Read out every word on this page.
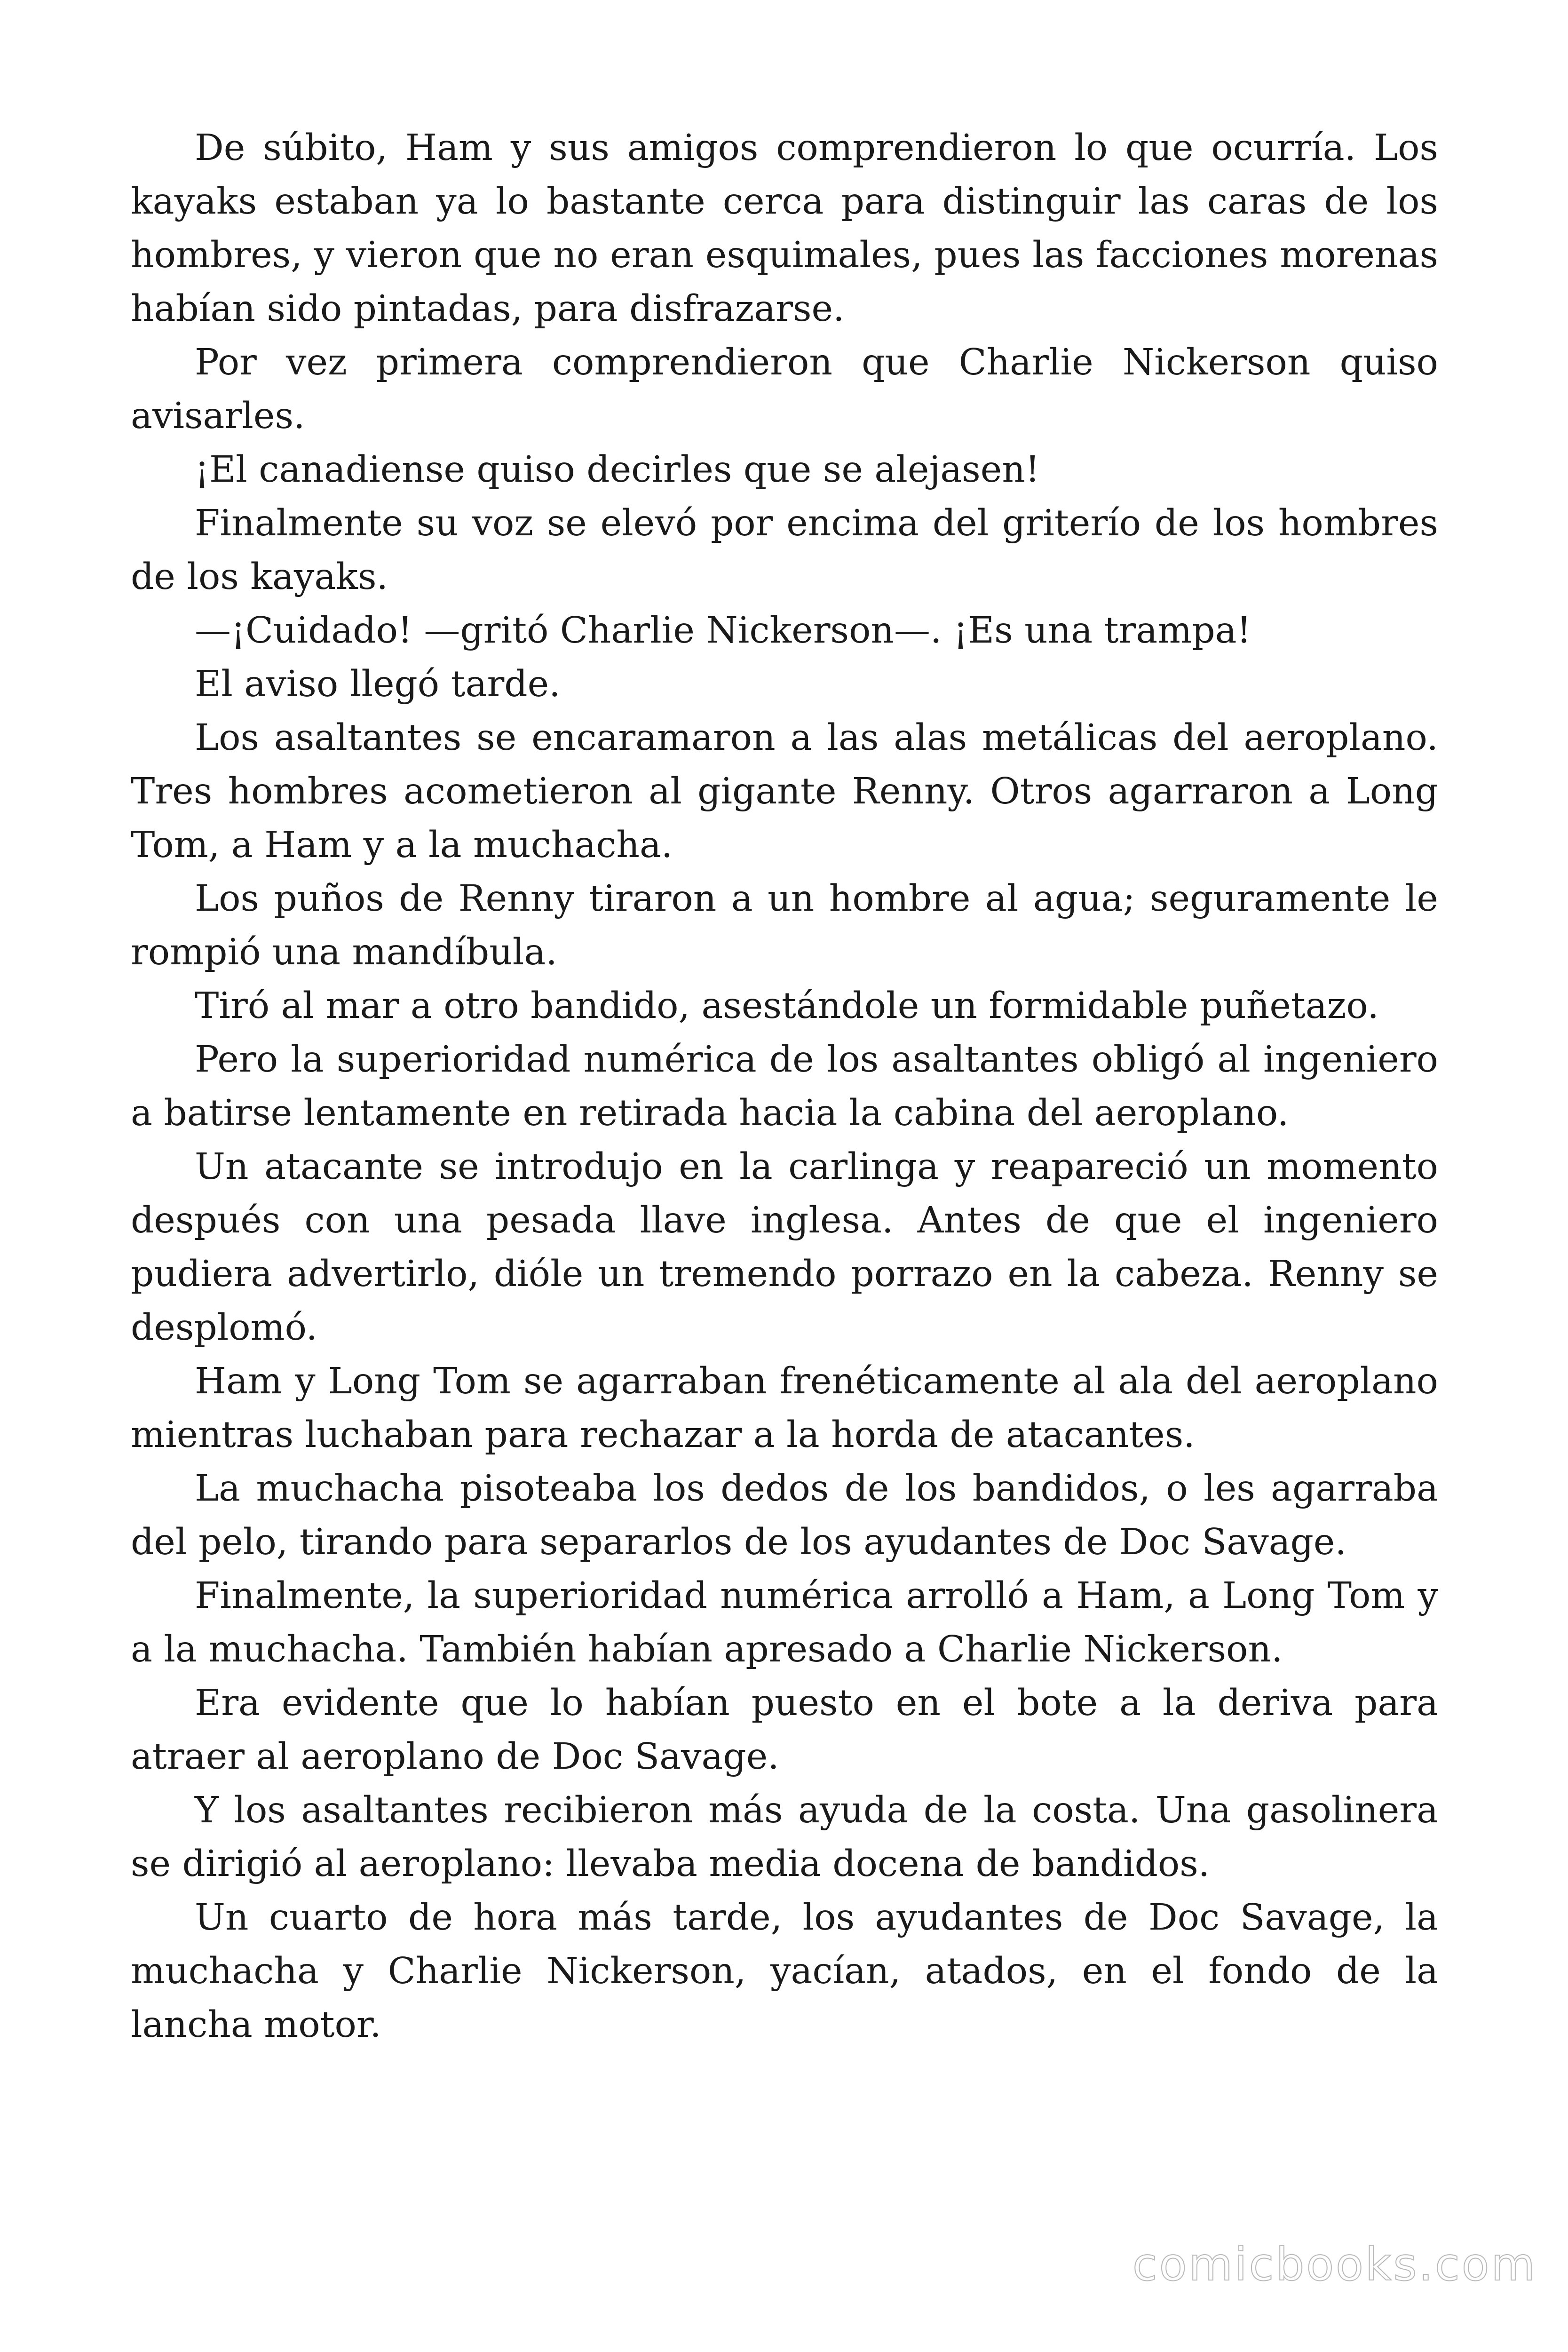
De súbito, Ham y sus amigos comprendieron lo que ocurría. Los kayaks estaban ya lo bastante cerca para distinguir las caras de los hombres, y vieron que no eran esquimales, pues las facciones morenas habían sido pintadas, para disfrazarse.

Por vez primera comprendieron que Charlie Nickerson quiso avisarles.

¡El canadiense quiso decirles que se alejasen!

Finalmente su voz se elevó por encima del griterío de los hombres de los kayaks.

—¡Cuidado! —gritó Charlie Nickerson—. ¡Es una trampa!

El aviso llegó tarde.

Los asaltantes se encaramaron a las alas metálicas del aeroplano. Tres hombres acometieron al gigante Renny. Otros agarraron a Long Tom, a Ham y a la muchacha.

Los puños de Renny tiraron a un hombre al agua; seguramente le rompió una mandíbula.

Tiró al mar a otro bandido, asestándole un formidable puñetazo.

Pero la superioridad numérica de los asaltantes obligó al ingeniero a batirse lentamente en retirada hacia la cabina del aeroplano.

Un atacante se introdujo en la carlinga y reapareció un momento después con una pesada llave inglesa. Antes de que el ingeniero pudiera advertirlo, dióle un tremendo porrazo en la cabeza. Renny se desplomó.

Ham y Long Tom se agarraban frenéticamente al ala del aeroplano mientras luchaban para rechazar a la horda de atacantes.

La muchacha pisoteaba los dedos de los bandidos, o les agarraba del pelo, tirando para separarlos de los ayudantes de Doc Savage.

Finalmente, la superioridad numérica arrolló a Ham, a Long Tom y a la muchacha. También habían apresado a Charlie Nickerson.

Era evidente que lo habían puesto en el bote a la deriva para atraer al aeroplano de Doc Savage.

Y los asaltantes recibieron más ayuda de la costa. Una gasolinera se dirigió al aeroplano: llevaba media docena de bandidos.

Un cuarto de hora más tarde, los ayudantes de Doc Savage, la muchacha y Charlie Nickerson, yacían, atados, en el fondo de la lancha motor.

comicbooks.com
